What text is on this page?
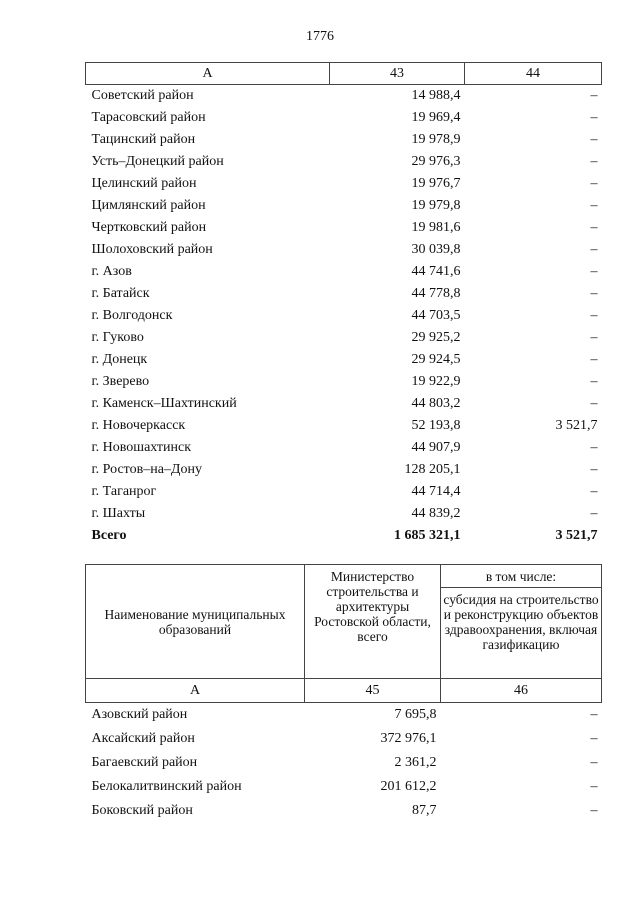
1776
А	43	44
Советский район	14 988,4	–
Тарасовский район	19 969,4	–
Тацинский район	19 978,9	–
Усть–Донецкий район	29 976,3	–
Целинский район	19 976,7	–
Цимлянский район	19 979,8	–
Чертковский район	19 981,6	–
Шолоховский район	30 039,8	–
г. Азов	44 741,6	–
г. Батайск	44 778,8	–
г. Волгодонск	44 703,5	–
г. Гуково	29 925,2	–
г. Донецк	29 924,5	–
г. Зверево	19 922,9	–
г. Каменск–Шахтинский	44 803,2	–
г. Новочеркасск	52 193,8	3 521,7
г. Новошахтинск	44 907,9	–
г. Ростов–на–Дону	128 205,1	–
г. Таганрог	44 714,4	–
г. Шахты	44 839,2	–
Всего	1 685 321,1	3 521,7
Наименование муниципальных образований	Министерство строительства и архитектуры Ростовской области, всего	в том числе:
		субсидия на строительство и реконструкцию объектов здравоохранения, включая газификацию
А	45	46
Азовский район	7 695,8	–
Аксайский район	372 976,1	–
Багаевский район	2 361,2	–
Белокалитвинский район	201 612,2	–
Боковский район	87,7	–
